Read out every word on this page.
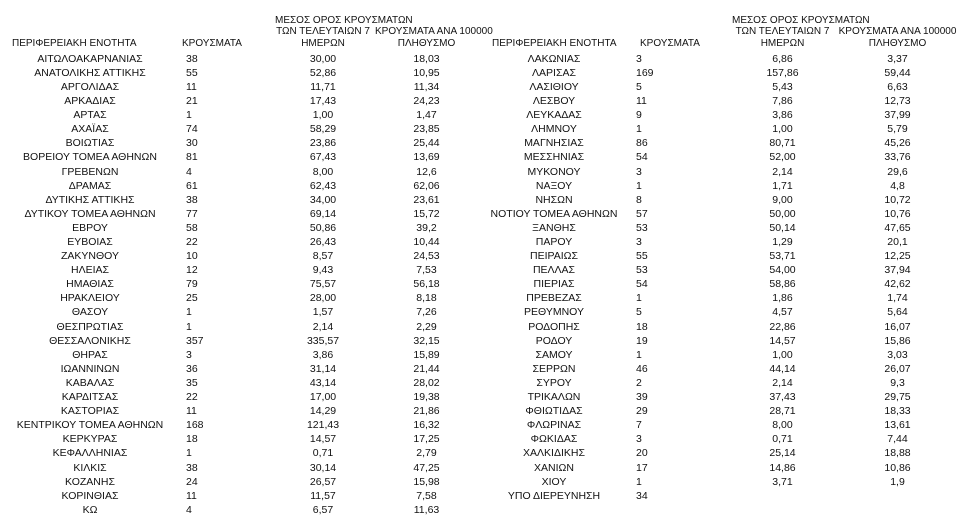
ΠΕΡΙΦΕΡΕΙΑΚΗ ΕΝΟΤΗΤΑ	ΚΡΟΥΣΜΑΤΑ	ΜΕΣΟΣ ΟΡΟΣ ΚΡΟΥΣΜΑΤΩΝ
ΤΩΝ ΤΕΛΕΥΤΑΙΩΝ 7
ΗΜΕΡΩΝ	ΚΡΟΥΣΜΑΤΑ ΑΝΑ 100000
ΠΛΗΘΥΣΜΟ
ΑΙΤΩΛΟΑΚΑΡΝΑΝΙΑΣ	38	30,00	18,03
ΑΝΑΤΟΛΙΚΗΣ ΑΤΤΙΚΗΣ	55	52,86	10,95
ΑΡΓΟΛΙΔΑΣ	11	11,71	11,34
ΑΡΚΑΔΙΑΣ	21	17,43	24,23
ΑΡΤΑΣ	1	1,00	1,47
ΑΧΑΪΑΣ	74	58,29	23,85
ΒΟΙΩΤΙΑΣ	30	23,86	25,44
ΒΟΡΕΙΟΥ ΤΟΜΕΑ ΑΘΗΝΩΝ	81	67,43	13,69
ΓΡΕΒΕΝΩΝ	4	8,00	12,6
ΔΡΑΜΑΣ	61	62,43	62,06
ΔΥΤΙΚΗΣ ΑΤΤΙΚΗΣ	38	34,00	23,61
ΔΥΤΙΚΟΥ ΤΟΜΕΑ ΑΘΗΝΩΝ	77	69,14	15,72
ΕΒΡΟΥ	58	50,86	39,2
ΕΥΒΟΙΑΣ	22	26,43	10,44
ΖΑΚΥΝΘΟΥ	10	8,57	24,53
ΗΛΕΙΑΣ	12	9,43	7,53
ΗΜΑΘΙΑΣ	79	75,57	56,18
ΗΡΑΚΛΕΙΟΥ	25	28,00	8,18
ΘΑΣΟΥ	1	1,57	7,26
ΘΕΣΠΡΩΤΙΑΣ	1	2,14	2,29
ΘΕΣΣΑΛΟΝΙΚΗΣ	357	335,57	32,15
ΘΗΡΑΣ	3	3,86	15,89
ΙΩΑΝΝΙΝΩΝ	36	31,14	21,44
ΚΑΒΑΛΑΣ	35	43,14	28,02
ΚΑΡΔΙΤΣΑΣ	22	17,00	19,38
ΚΑΣΤΟΡΙΑΣ	11	14,29	21,86
ΚΕΝΤΡΙΚΟΥ ΤΟΜΕΑ ΑΘΗΝΩΝ	168	121,43	16,32
ΚΕΡΚΥΡΑΣ	18	14,57	17,25
ΚΕΦΑΛΛΗΝΙΑΣ	1	0,71	2,79
ΚΙΛΚΙΣ	38	30,14	47,25
ΚΟΖΑΝΗΣ	24	26,57	15,98
ΚΟΡΙΝΘΙΑΣ	11	11,57	7,58
ΚΩ	4	6,57	11,63
ΠΕΡΙΦΕΡΕΙΑΚΗ ΕΝΟΤΗΤΑ	ΚΡΟΥΣΜΑΤΑ	ΜΕΣΟΣ ΟΡΟΣ ΚΡΟΥΣΜΑΤΩΝ
ΤΩΝ ΤΕΛΕΥΤΑΙΩΝ 7
ΗΜΕΡΩΝ	ΚΡΟΥΣΜΑΤΑ ΑΝΑ 100000
ΠΛΗΘΥΣΜΟ
ΛΑΚΩΝΙΑΣ	3	6,86	3,37
ΛΑΡΙΣΑΣ	169	157,86	59,44
ΛΑΣΙΘΙΟΥ	5	5,43	6,63
ΛΕΣΒΟΥ	11	7,86	12,73
ΛΕΥΚΑΔΑΣ	9	3,86	37,99
ΛΗΜΝΟΥ	1	1,00	5,79
ΜΑΓΝΗΣΙΑΣ	86	80,71	45,26
ΜΕΣΣΗΝΙΑΣ	54	52,00	33,76
ΜΥΚΟΝΟΥ	3	2,14	29,6
ΝΑΞΟΥ	1	1,71	4,8
ΝΗΣΩΝ	8	9,00	10,72
ΝΟΤΙΟΥ ΤΟΜΕΑ ΑΘΗΝΩΝ	57	50,00	10,76
ΞΑΝΘΗΣ	53	50,14	47,65
ΠΑΡΟΥ	3	1,29	20,1
ΠΕΙΡΑΙΩΣ	55	53,71	12,25
ΠΕΛΛΑΣ	53	54,00	37,94
ΠΙΕΡΙΑΣ	54	58,86	42,62
ΠΡΕΒΕΖΑΣ	1	1,86	1,74
ΡΕΘΥΜΝΟΥ	5	4,57	5,64
ΡΟΔΟΠΗΣ	18	22,86	16,07
ΡΟΔΟΥ	19	14,57	15,86
ΣΑΜΟΥ	1	1,00	3,03
ΣΕΡΡΩΝ	46	44,14	26,07
ΣΥΡΟΥ	2	2,14	9,3
ΤΡΙΚΑΛΩΝ	39	37,43	29,75
ΦΘΙΩΤΙΔΑΣ	29	28,71	18,33
ΦΛΩΡΙΝΑΣ	7	8,00	13,61
ΦΩΚΙΔΑΣ	3	0,71	7,44
ΧΑΛΚΙΔΙΚΗΣ	20	25,14	18,88
ΧΑΝΙΩΝ	17	14,86	10,86
ΧΙΟΥ	1	3,71	1,9
ΥΠΟ ΔΙΕΡΕΥΝΗΣΗ	34		
